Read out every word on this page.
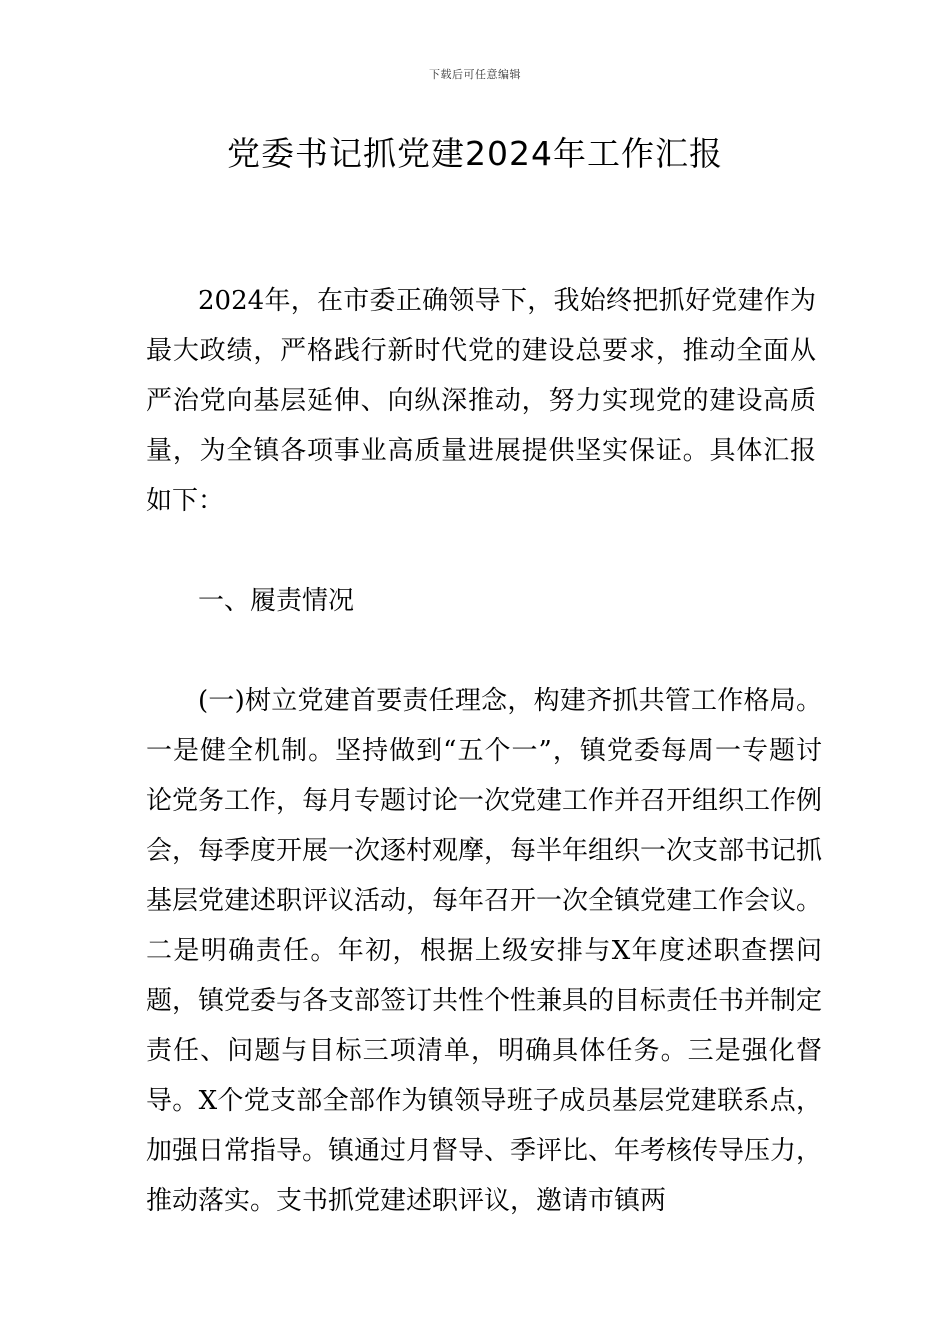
下载后可任意编辑
党委书记抓党建2024年工作汇报

2024年，在市委正确领导下，我始终把抓好党建作为最大政绩，严格践行新时代党的建设总要求，推动全面从严治党向基层延伸、向纵深推动，努力实现党的建设高质量，为全镇各项事业高质量进展提供坚实保证。具体汇报如下：

一、履责情况

(一)树立党建首要责任理念，构建齐抓共管工作格局。一是健全机制。坚持做到“五个一”，镇党委每周一专题讨论党务工作，每月专题讨论一次党建工作并召开组织工作例会，每季度开展一次逐村观摩，每半年组织一次支部书记抓基层党建述职评议活动，每年召开一次全镇党建工作会议。二是明确责任。年初，根据上级安排与X年度述职查摆问题，镇党委与各支部签订共性个性兼具的目标责任书并制定责任、问题与目标三项清单，明确具体任务。三是强化督导。X个党支部全部作为镇领导班子成员基层党建联系点，加强日常指导。镇通过月督导、季评比、年考核传导压力，推动落实。支书抓党建述职评议，邀请市镇两
